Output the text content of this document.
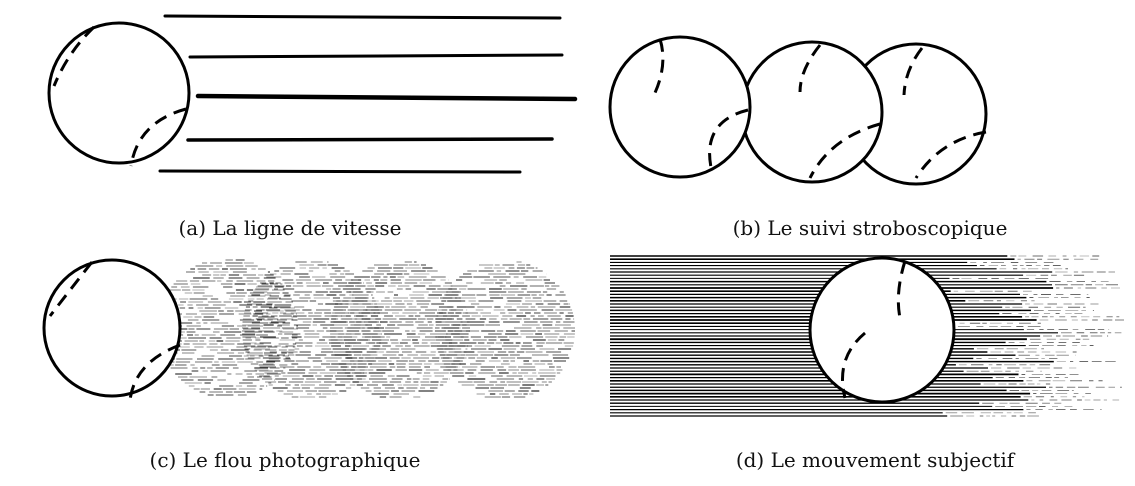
(a) La ligne de vitesse	(b) Le suivi stroboscopique
(c) Le flou photographique	(d) Le mouvement subjectif
